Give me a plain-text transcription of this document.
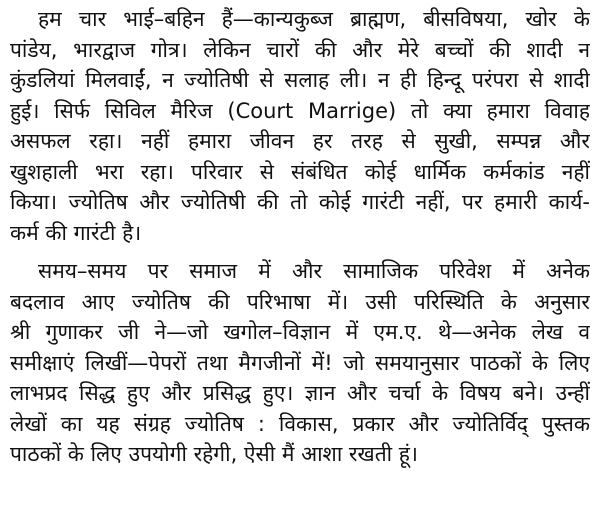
हम चार भाई–बहिन हैं—कान्यकुब्ज ब्राह्मण, बीसविषया, खोर के
पांडेय, भारद्वाज गोत्र। लेकिन चारों की और मेरे बच्चों की शादी न
कुंडलियां मिलवाईं, न ज्योतिषी से सलाह ली। न ही हिन्दू परंपरा से शादी
हुई। सिर्फ सिविल मैरिज (Court Marrige) तो क्या हमारा विवाह
असफल रहा। नहीं हमारा जीवन हर तरह से सुखी, सम्पन्न और
खुशहाली भरा रहा। परिवार से संबंधित कोई धार्मिक कर्मकांड नहीं
किया। ज्योतिष और ज्योतिषी की तो कोई गारंटी नहीं, पर हमारी कार्य-
कर्म की गारंटी है।
समय–समय पर समाज में और सामाजिक परिवेश में अनेक
बदलाव आए ज्योतिष की परिभाषा में। उसी परिस्थिति के अनुसार
श्री गुणाकर जी ने—जो खगोल–विज्ञान में एम.ए. थे—अनेक लेख व
समीक्षाएं लिखीं—पेपरों तथा मैगजीनों में! जो समयानुसार पाठकों के लिए
लाभप्रद सिद्ध हुए और प्रसिद्ध हुए। ज्ञान और चर्चा के विषय बने। उन्हीं
लेखों का यह संग्रह ज्योतिष : विकास, प्रकार और ज्योतिर्विद् पुस्तक
पाठकों के लिए उपयोगी रहेगी, ऐसी मैं आशा रखती हूं।
